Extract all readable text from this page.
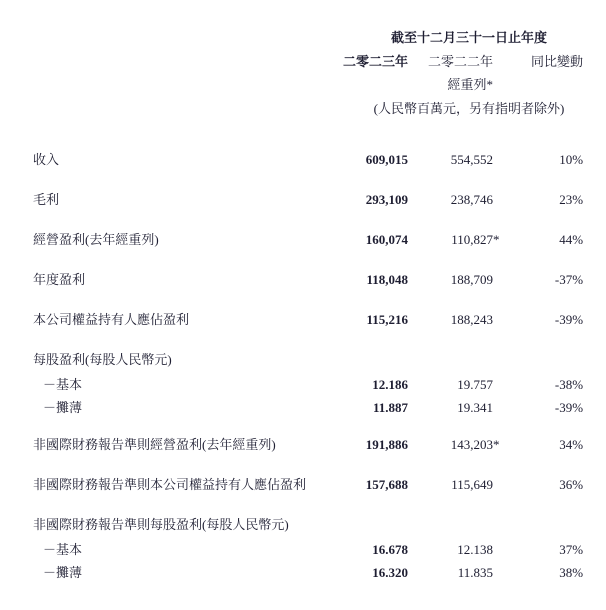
	截至十二月三十一日止年度		
	二零二三年	二零二二年	同比變動
		經重列*	
	(人民幣百萬元，另有指明者除外)		
收入	609,015	554,552	10%
毛利	293,109	238,746	23%
經營盈利(去年經重列)	160,074	110,827*	44%
年度盈利	118,048	188,709	-37%
本公司權益持有人應佔盈利	115,216	188,243	-39%
每股盈利(每股人民幣元)			
－基本	12.186	19.757	-38%
－攤薄	11.887	19.341	-39%
非國際財務報告準則經營盈利(去年經重列)	191,886	143,203*	34%
非國際財務報告準則本公司權益持有人應佔盈利	157,688	115,649	36%
非國際財務報告準則每股盈利(每股人民幣元)			
－基本	16.678	12.138	37%
－攤薄	16.320	11.835	38%
